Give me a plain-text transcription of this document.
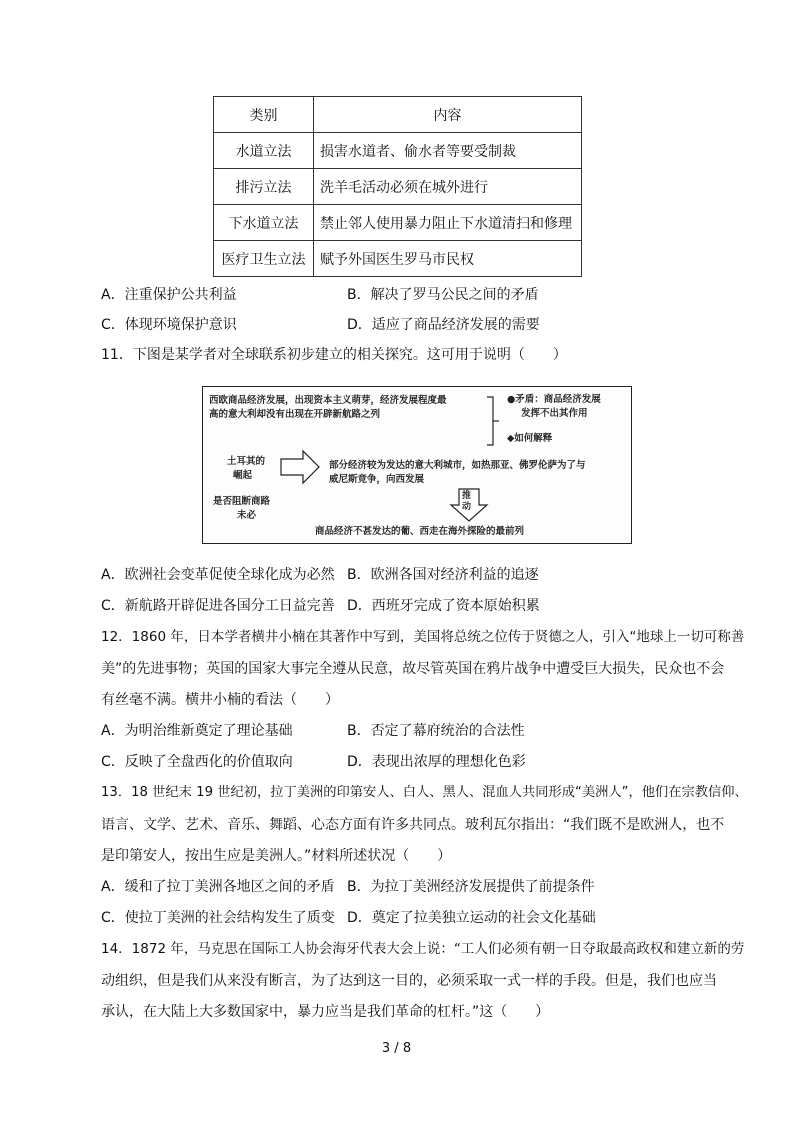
类别	内容
水道立法	损害水道者、偷水者等要受制裁
排污立法	洗羊毛活动必须在城外进行
下水道立法	禁止邻人使用暴力阻止下水道清扫和修理
医疗卫生立法	赋予外国医生罗马市民权
A．注重保护公共利益	B．解决了罗马公民之间的矛盾
C．体现环境保护意识	D．适应了商品经济发展的需要
11．下图是某学者对全球联系初步建立的相关探究。这可用于说明（　　）
西欧商品经济发展，出现资本主义萌芽，经济发展程度最
高的意大利却没有出现在开辟新航路之列
●矛盾：商品经济发展
发挥不出其作用
◆如何解释
土耳其的
崛起
部分经济较为发达的意大利城市，如热那亚、佛罗伦萨为了与
威尼斯竞争，向西发展
是否阻断商路
未必
推动
商品经济不甚发达的葡、西走在海外探险的最前列
A．欧洲社会变革促使全球化成为必然 B．欧洲各国对经济利益的追逐
C．新航路开辟促进各国分工日益完善 D．西班牙完成了资本原始积累
12．1860 年，日本学者横井小楠在其著作中写到，美国将总统之位传于贤德之人，引入“地球上一切可称善
美”的先进事物；英国的国家大事完全遵从民意，故尽管英国在鸦片战争中遭受巨大损失，民众也不会
有丝毫不满。横井小楠的看法（　　）
A．为明治维新奠定了理论基础	B．否定了幕府统治的合法性
C．反映了全盘西化的价值取向	D．表现出浓厚的理想化色彩
13．18 世纪末 19 世纪初，拉丁美洲的印第安人、白人、黑人、混血人共同形成“美洲人”，他们在宗教信仰、
语言、文学、艺术、音乐、舞蹈、心态方面有许多共同点。玻利瓦尔指出：“我们既不是欧洲人，也不
是印第安人，按出生应是美洲人。”材料所述状况（　　）
A．缓和了拉丁美洲各地区之间的矛盾 B．为拉丁美洲经济发展提供了前提条件
C．使拉丁美洲的社会结构发生了质变 D．奠定了拉美独立运动的社会文化基础
14．1872 年，马克思在国际工人协会海牙代表大会上说：“工人们必须有朝一日夺取最高政权和建立新的劳
动组织，但是我们从来没有断言，为了达到这一目的，必须采取一式一样的手段。但是，我们也应当
承认，在大陆上大多数国家中，暴力应当是我们革命的杠杆。”这（　　）
3 / 8
